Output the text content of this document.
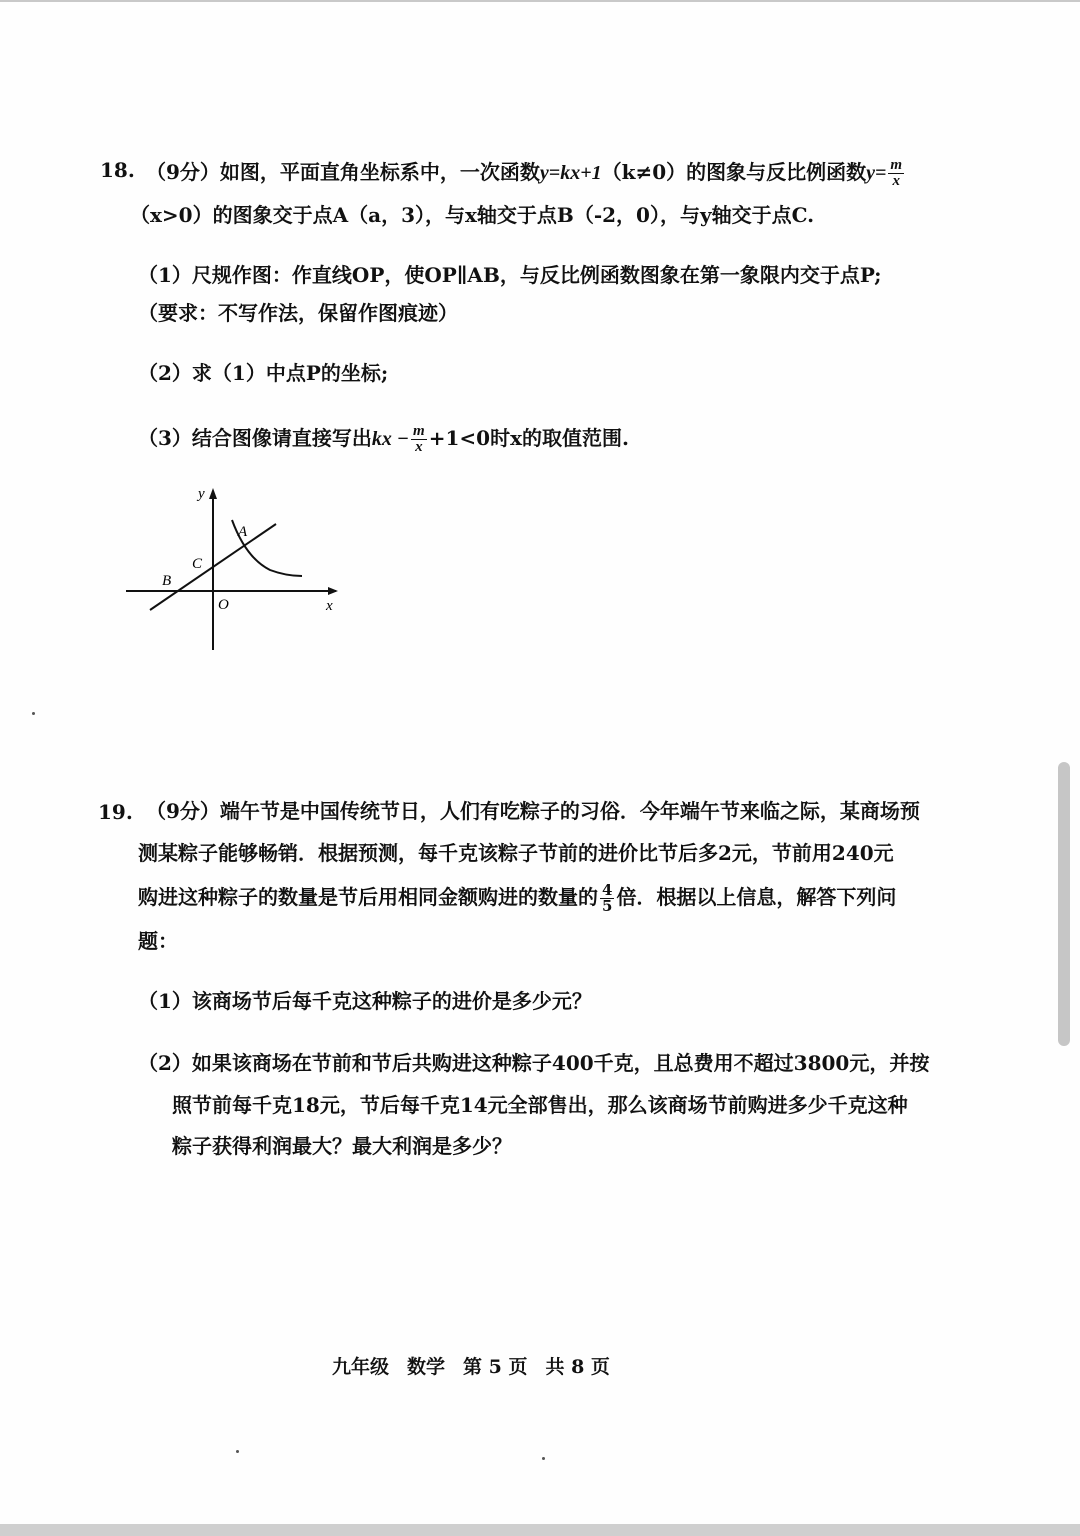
18. （9分）如图，平面直角坐标系中，一次函数y=kx+1（k≠0）的图象与反比例函数$y= \frac{m}{x}$
（x>0）的图象交于点A（a，3），与x轴交于点B（-2，0），与y轴交于点C.
（1）尺规作图：作直线OP，使OP∥AB，与反比例函数图象在第一象限内交于点P;
（要求：不写作法，保留作图痕迹）
（2）求（1）中点P的坐标;
（3）结合图像请直接写出kx − $\frac{m}{x} +1<0$时x的取值范围.
y
x
O
A
B
C
19. （9分）端午节是中国传统节日，人们有吃粽子的习俗．今年端午节来临之际，某商场预
测某粽子能够畅销．根据预测，每千克该粽子节前的进价比节后多2元，节前用240元
购进这种粽子的数量是节后用相同金额购进的数量的 $\frac{4}{5}$ 倍．根据以上信息，解答下列问
题：
（1）该商场节后每千克这种粽子的进价是多少元？
（2）如果该商场在节前和节后共购进这种粽子400千克，且总费用不超过3800元，并按
照节前每千克18元，节后每千克14元全部售出，那么该商场节前购进多少千克这种
粽子获得利润最大？最大利润是多少？
九年级 数学 第 5 页 共 8 页
